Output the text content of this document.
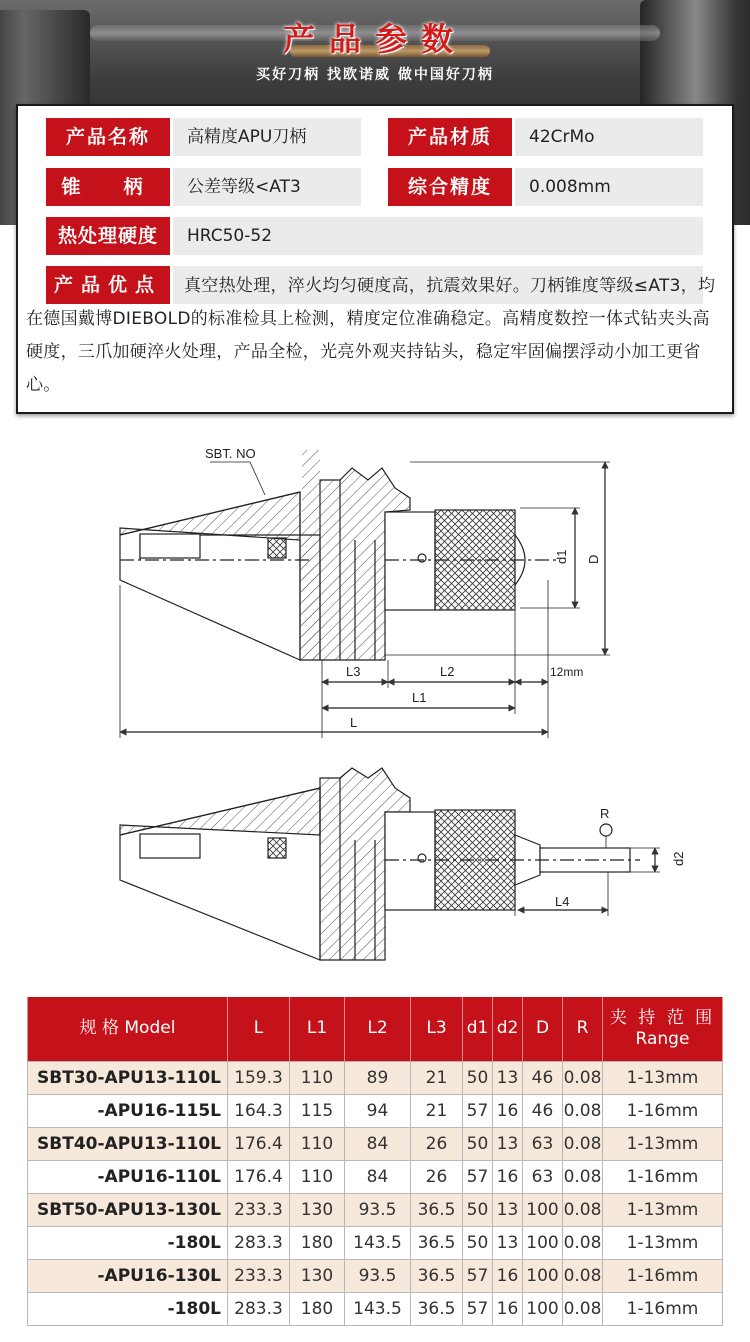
产品参数
买好刀柄 找欧诺威 做中国好刀柄
产品名称	高精度APU刀柄	产品材质	42CrMo
锥　柄	公差等级<AT3	综合精度	0.008mm
热处理硬度	HRC50-52
产品优点	真空热处理，淬火均匀硬度高，抗震效果好。刀柄锥度等级≤AT3，均在德国戴博DIEBOLD的标准检具上检测，精度定位准确稳定。高精度数控一体式钻夹头高硬度，三爪加硬淬火处理，产品全检，光亮外观夹持钻头，稳定牢固偏摆浮动小加工更省心。
SBT. NO
L3	L2	12mm
L1
L
d1 D
R
d2
L4
规 格 Model	L	L1	L2	L3	d1	d2	D	R	夹 持 范 围
Range

SBT30-APU13-110L	159.3	110	89	21	50	13	46	0.08	1-13mm
-APU16-115L	164.3	115	94	21	57	16	46	0.08	1-16mm
SBT40-APU13-110L	176.4	110	84	26	50	13	63	0.08	1-13mm
-APU16-110L	176.4	110	84	26	57	16	63	0.08	1-16mm
SBT50-APU13-130L	233.3	130	93.5	36.5	50	13	100	0.08	1-13mm
-180L	283.3	180	143.5	36.5	50	13	100	0.08	1-13mm
-APU16-130L	233.3	130	93.5	36.5	57	16	100	0.08	1-16mm
-180L	283.3	180	143.5	36.5	57	16	100	0.08	1-16mm
